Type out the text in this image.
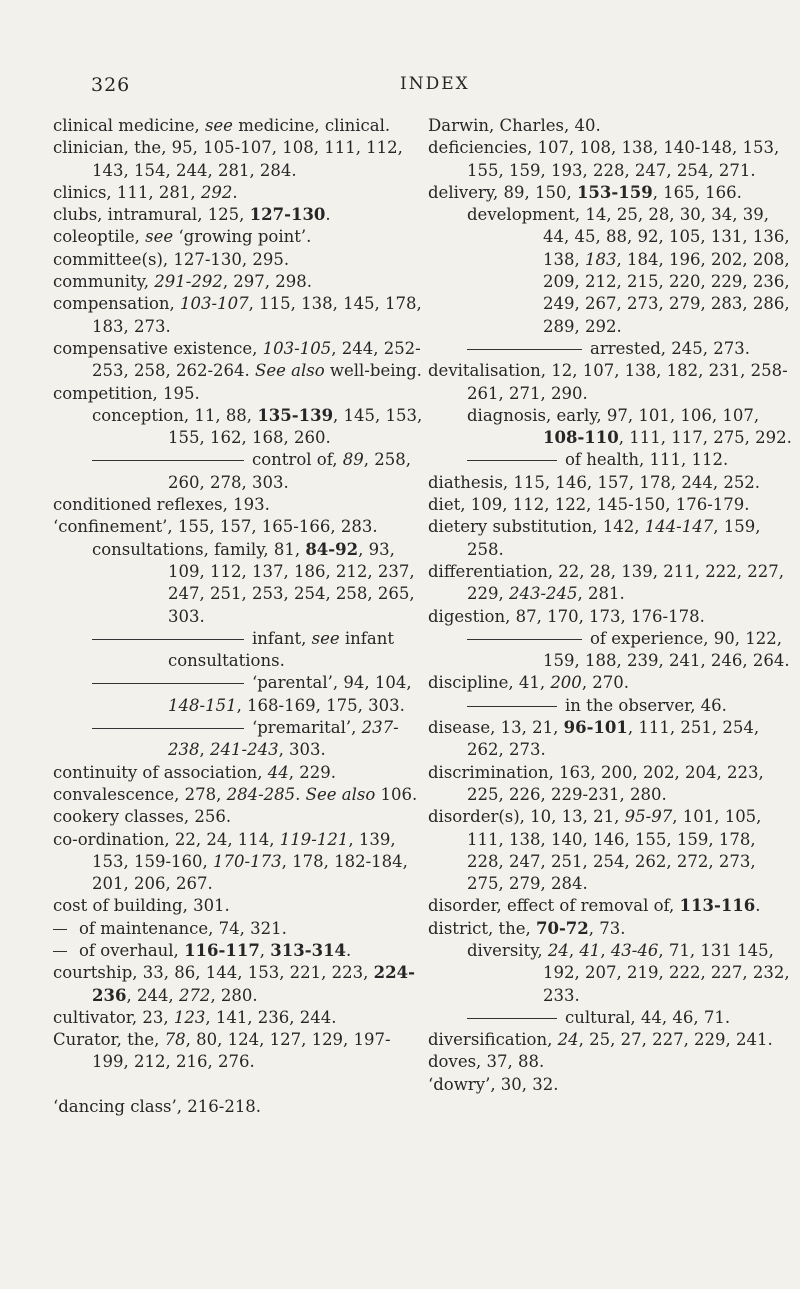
326	INDEX

clinical medicine, see medicine, clinical.

clinician, the, 95, 105-107, 108, 111, 112, 143, 154, 244, 281, 284.

clinics, 111, 281, 292.

clubs, intramural, 125, 127-130.

coleoptile, see ‘growing point’.

committee(s), 127-130, 295.

community, 291-292, 297, 298.

compensation, 103-107, 115, 138, 145, 178, 183, 273.

compensative existence, 103-105, 244, 252-253, 258, 262-264. See also well-being.

competition, 195.

conception, 11, 88, 135-139, 145, 153, 155, 162, 168, 260.

control of, 89, 258, 260, 278, 303.

conditioned reflexes, 193.

‘confinement’, 155, 157, 165-166, 283.

consultations, family, 81, 84-92, 93, 109, 112, 137, 186, 212, 237, 247, 251, 253, 254, 258, 265, 303.

infant, see infant consultations.

‘parental’, 94, 104, 148-151, 168-169, 175, 303.

‘premarital’, 237-238, 241-243, 303.

continuity of association, 44, 229.

convalescence, 278, 284-285. See also 106.

cookery classes, 256.

co-ordination, 22, 24, 114, 119-121, 139, 153, 159-160, 170-173, 178, 182-184, 201, 206, 267.

cost of building, 301.

of maintenance, 74, 321.

of overhaul, 116-117, 313-314.

courtship, 33, 86, 144, 153, 221, 223, 224-236, 244, 272, 280.

cultivator, 23, 123, 141, 236, 244.

Curator, the, 78, 80, 124, 127, 129, 197-199, 212, 216, 276.

‘dancing class’, 216-218.

Darwin, Charles, 40.

deficiencies, 107, 108, 138, 140-148, 153, 155, 159, 193, 228, 247, 254, 271.

delivery, 89, 150, 153-159, 165, 166.

development, 14, 25, 28, 30, 34, 39, 44, 45, 88, 92, 105, 131, 136, 138, 183, 184, 196, 202, 208, 209, 212, 215, 220, 229, 236, 249, 267, 273, 279, 283, 286, 289, 292.

arrested, 245, 273.

devitalisation, 12, 107, 138, 182, 231, 258-261, 271, 290.

diagnosis, early, 97, 101, 106, 107, 108-110, 111, 117, 275, 292.

of health, 111, 112.

diathesis, 115, 146, 157, 178, 244, 252.

diet, 109, 112, 122, 145-150, 176-179.

dietery substitution, 142, 144-147, 159, 258.

differentiation, 22, 28, 139, 211, 222, 227, 229, 243-245, 281.

digestion, 87, 170, 173, 176-178.

of experience, 90, 122, 159, 188, 239, 241, 246, 264.

discipline, 41, 200, 270.

in the observer, 46.

disease, 13, 21, 96-101, 111, 251, 254, 262, 273.

discrimination, 163, 200, 202, 204, 223, 225, 226, 229-231, 280.

disorder(s), 10, 13, 21, 95-97, 101, 105, 111, 138, 140, 146, 155, 159, 178, 228, 247, 251, 254, 262, 272, 273, 275, 279, 284.

disorder, effect of removal of, 113-116.

district, the, 70-72, 73.

diversity, 24, 41, 43-46, 71, 131 145, 192, 207, 219, 222, 227, 232, 233.

cultural, 44, 46, 71.

diversification, 24, 25, 27, 227, 229, 241.

doves, 37, 88.

‘dowry’, 30, 32.
